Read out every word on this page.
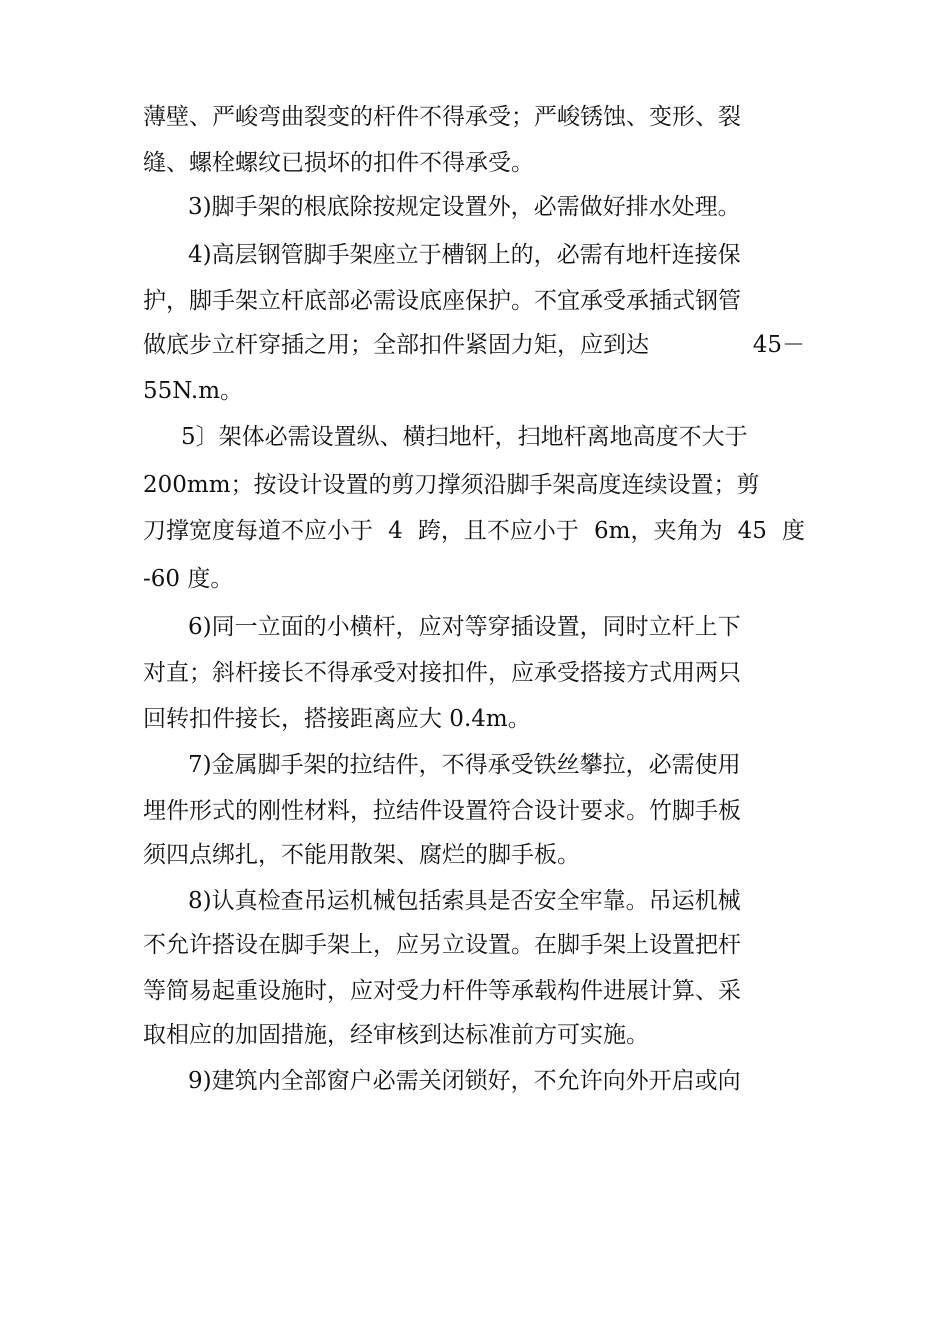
薄壁、严峻弯曲裂变的杆件不得承受；严峻锈蚀、变形、裂
缝、螺栓螺纹已损坏的扣件不得承受。
3)脚手架的根底除按规定设置外，必需做好排水处理。
4)高层钢管脚手架座立于槽钢上的，必需有地杆连接保
护，脚手架立杆底部必需设底座保护。不宜承受承插式钢管
做底步立杆穿插之用；全部扣件紧固力矩，应到达	45－
55N.m。
5〕架体必需设置纵、横扫地杆，扫地杆离地高度不大于
200mm；按设计设置的剪刀撑须沿脚手架高度连续设置；剪
刀撑宽度每道不应小于 4 跨，且不应小于 6m，夹角为 45 度
-60 度。
6)同一立面的小横杆，应对等穿插设置，同时立杆上下
对直；斜杆接长不得承受对接扣件，应承受搭接方式用两只
回转扣件接长，搭接距离应大 0.4m。
7)金属脚手架的拉结件，不得承受铁丝攀拉，必需使用
埋件形式的刚性材料，拉结件设置符合设计要求。竹脚手板
须四点绑扎，不能用散架、腐烂的脚手板。
8)认真检查吊运机械包括索具是否安全牢靠。吊运机械
不允许搭设在脚手架上，应另立设置。在脚手架上设置把杆
等简易起重设施时，应对受力杆件等承载构件进展计算、采
取相应的加固措施，经审核到达标准前方可实施。
9)建筑内全部窗户必需关闭锁好，不允许向外开启或向
